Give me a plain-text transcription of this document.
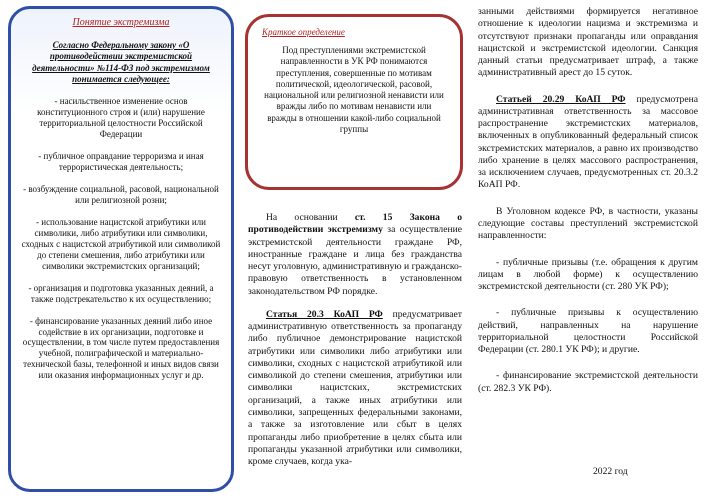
Понятие экстремизма
Согласно Федеральному закону «О противодействии экстремистской деятельности» №114-ФЗ под экстремизмом понимается следующее:
- насильственное изменение основ конституционного строя и (или) нарушение территориальной целостности Российской Федерации
- публичное оправдание терроризма и иная террористическая деятельность;
- возбуждение социальной, расовой, национальной или религиозной розни;
- использование нацистской атрибутики или символики, либо атрибутики или символики, сходных с нацистской атрибутикой или символикой до степени смешения, либо атрибутики или символики экстремистских организаций;
- организация и подготовка указанных деяний, а также подстрекательство к их осуществлению;
- финансирование указанных деяний либо иное содействие в их организации, подготовке и осуществлении, в том числе путем предоставления учебной, полиграфической и материально-технической базы, телефонной и иных видов связи или оказания информационных услуг и др.
Краткое определение
Под преступлениями экстремистской направленности в УК РФ понимаются преступления, совершенные по мотивам политической, идеологической, расовой, национальной или религиозной ненависти или вражды либо по мотивам ненависти или вражды в отношении какой-либо социальной группы

На основании ст. 15 Закона о противодействии экстремизму за осуществление экстремистской деятельности граждане РФ, иностранные граждане и лица без гражданства несут уголовную, административную и гражданско-правовую ответственность в установленном законодательством РФ порядке.

Статья 20.3 КоАП РФ предусматривает административную ответственность за пропаганду либо публичное демонстрирование нацистской атрибутики или символики либо атрибутики или символики, сходных с нацистской атрибутикой или символикой до степени смешения, атрибутики или символики нацистских, экстремистских организаций, а также иных атрибутики или символики, запрещенных федеральными законами, а также за изготовление или сбыт в целях пропаганды либо приобретение в целях сбыта или пропаганды указанной атрибутики или символики, кроме случаев, когда ука-

занными действиями формируется негативное отношение к идеологии нацизма и экстремизма и отсутствуют признаки пропаганды или оправдания нацистской и экстремистской идеологии. Санкция данный статьи предусматривает штраф, а также административный арест до 15 суток.

Статьей 20.29 КоАП РФ предусмотрена административная ответственность за массовое распространение экстремистских материалов, включенных в опубликованный федеральный список экстремистских материалов, а равно их производство либо хранение в целях массового распространения, за исключением случаев, предусмотренных ст. 20.3.2 КоАП РФ.

В Уголовном кодексе РФ, в частности, указаны следующие составы преступлений экстремистской направленности:

- публичные призывы (т.е. обращения к другим лицам в любой форме) к осуществлению экстремистской деятельности (ст. 280 УК РФ);

- публичные призывы к осуществлению действий, направленных на нарушение территориальной целостности Российской Федерации (ст. 280.1 УК РФ); и другие.

- финансирование экстремистской деятельности (ст. 282.3 УК РФ).

2022 год
